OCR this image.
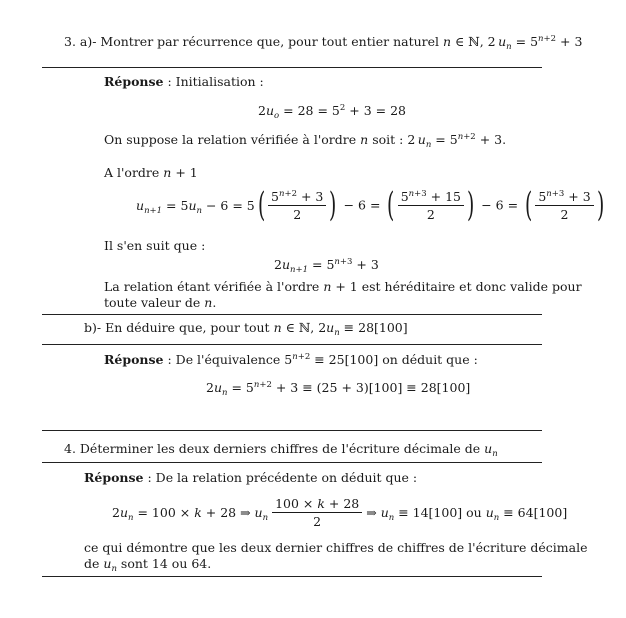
3. a)- Montrer par récurrence que, pour tout entier naturel n ∈ ℕ, 2 $u_n = 5^{n+2} + 3$
Réponse : Initialisation :
$2u_o = 28 = 5^2 + 3 = 28$
On suppose la relation vérifiée à l'ordre n soit : 2 $u_n = 5^{n+2} + 3$.
A l'ordre n + 1
$u_{n+1} = 5u_n - 6 = 5( \frac{5^{n+2} + 3}{2}$ ) − 6 = ( $\frac{5^{n+3} + 15}{2}$ ) − 6 = ( $\frac{5^{n+3} + 3}{2}$ )
Il s'en suit que :
$2u_{n+1} = 5^{n+3} + 3$
La relation étant vérifiée à l'ordre n + 1 est héréditaire et donc valide pour
toute valeur de n.
b)- En déduire que, pour tout n ∈ ℕ, $2u_n \equiv 28[100]$
Réponse : De l'équivalence $5^{n+2} \equiv 25[100]$ on déduit que :
$2u_n = 5^{n+2} + 3 \equiv (25 + 3)[100] \equiv 28[100]$
4. Déterminer les deux derniers chiffres de l'écriture décimale de $u_n$
Réponse : De la relation précédente on déduit que :
$2u_n = 100 \times k + 28$ ⇒ $u_n \frac{100 \times k + 28}{2}$ ⇒ $u_n \equiv 14[100]$ ou $u_n \equiv 64[100]$
ce qui démontre que les deux dernier chiffres de chiffres de l'écriture décimale
de $u_n$ sont 14 ou 64.
